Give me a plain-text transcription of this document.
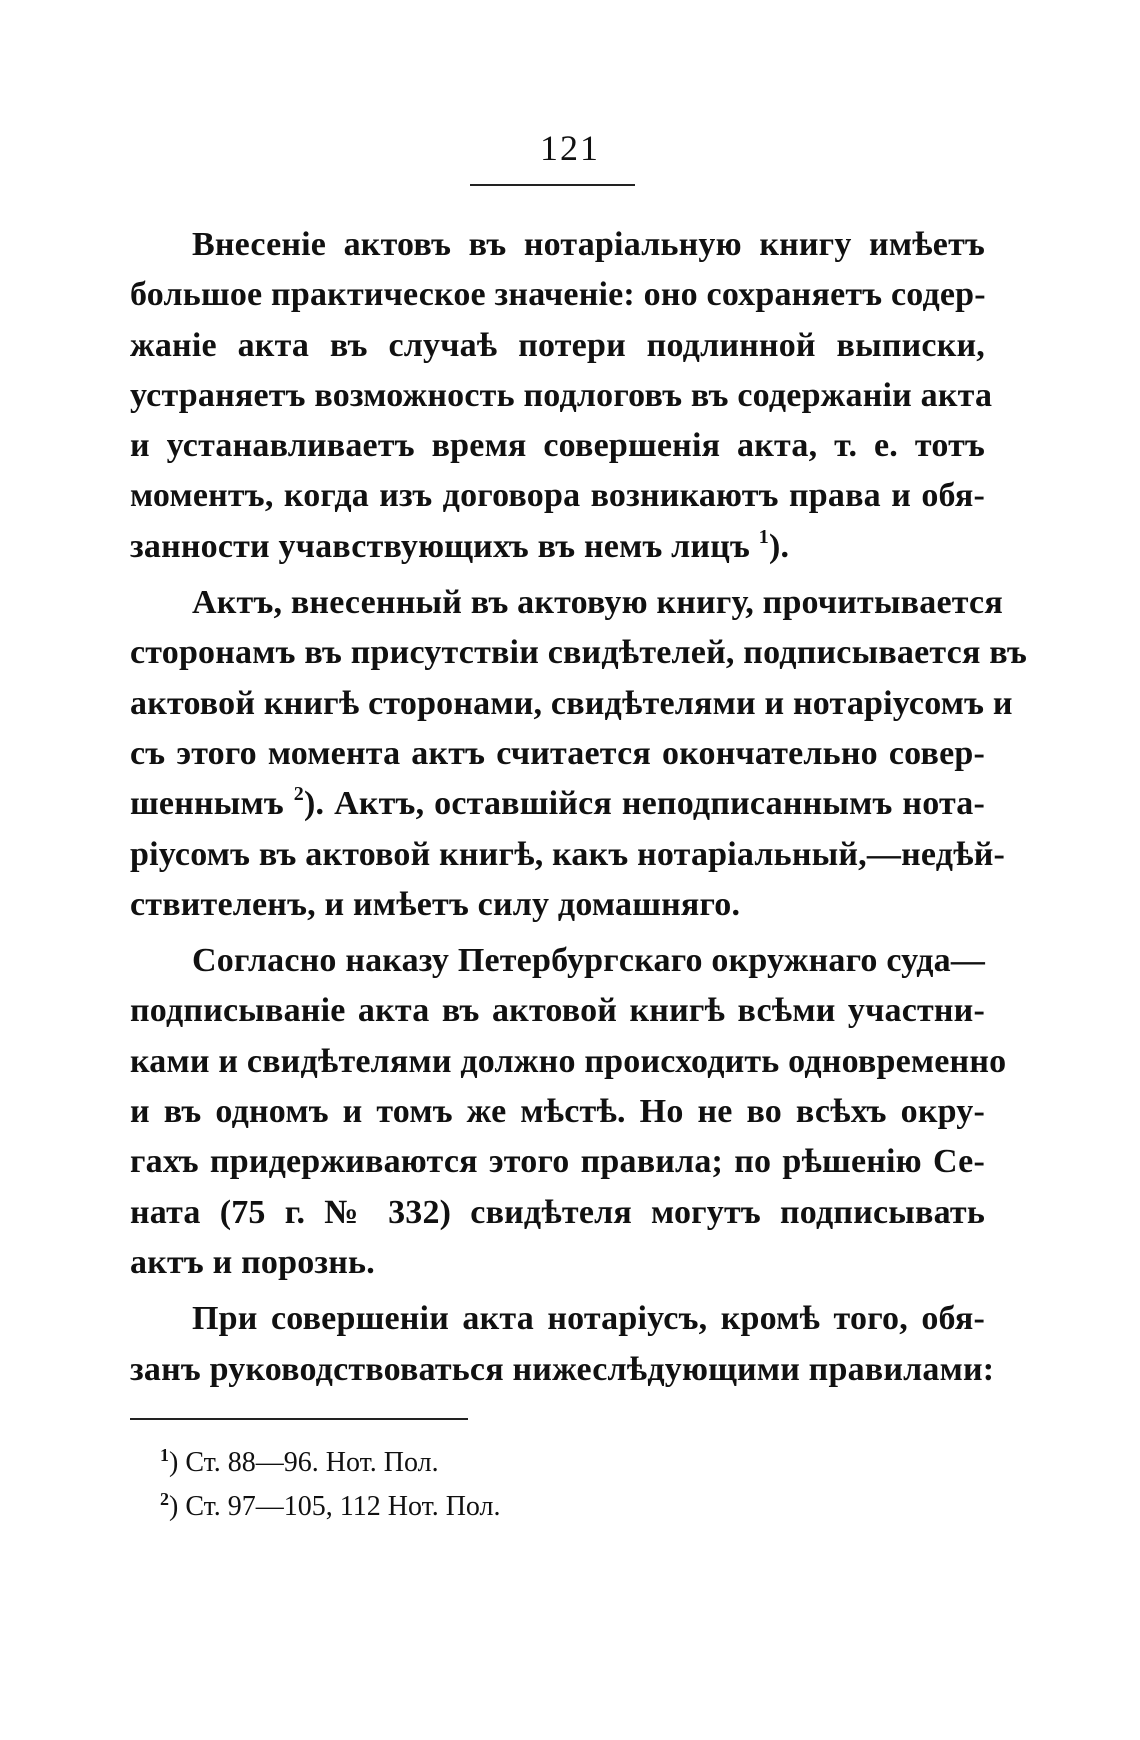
121
Внесеніе актовъ въ нотаріальную книгу имѣетъ
большое практическое значеніе: оно сохраняетъ содер-
жаніе акта въ случаѣ потери подлинной выписки,
устраняетъ возможность подлоговъ въ содержаніи акта
и устанавливаетъ время совершенія акта, т. е. тотъ
моментъ, когда изъ договора возникаютъ права и обя-
занности учавствующихъ въ немъ лицъ $^1$).
Актъ, внесенный въ актовую книгу, прочитывается
сторонамъ въ присутствіи свидѣтелей, подписывается въ
актовой книгѣ сторонами, свидѣтелями и нотаріусомъ и
съ этого момента актъ считается окончательно совер-
шеннымъ $^2$). Актъ, оставшійся неподписаннымъ нота-
ріусомъ въ актовой книгѣ, какъ нотаріальный,—недѣй-
ствителенъ, и имѣетъ силу домашняго.
Согласно наказу Петербургскаго окружнаго суда—
подписываніе акта въ актовой книгѣ всѣми участни-
ками и свидѣтелями должно происходить одновременно
и въ одномъ и томъ же мѣстѣ. Но не во всѣхъ окру-
гахъ придерживаются этого правила; по рѣшенію Се-
ната (75 г. № 332) свидѣтеля могутъ подписывать
актъ и порознь.
При совершеніи акта нотаріусъ, кромѣ того, обя-
занъ руководствоваться нижеслѣдующими правилами:
$^1$) Ст. 88—96. Нот. Пол.
$^2$) Ст. 97—105, 112 Нот. Пол.
